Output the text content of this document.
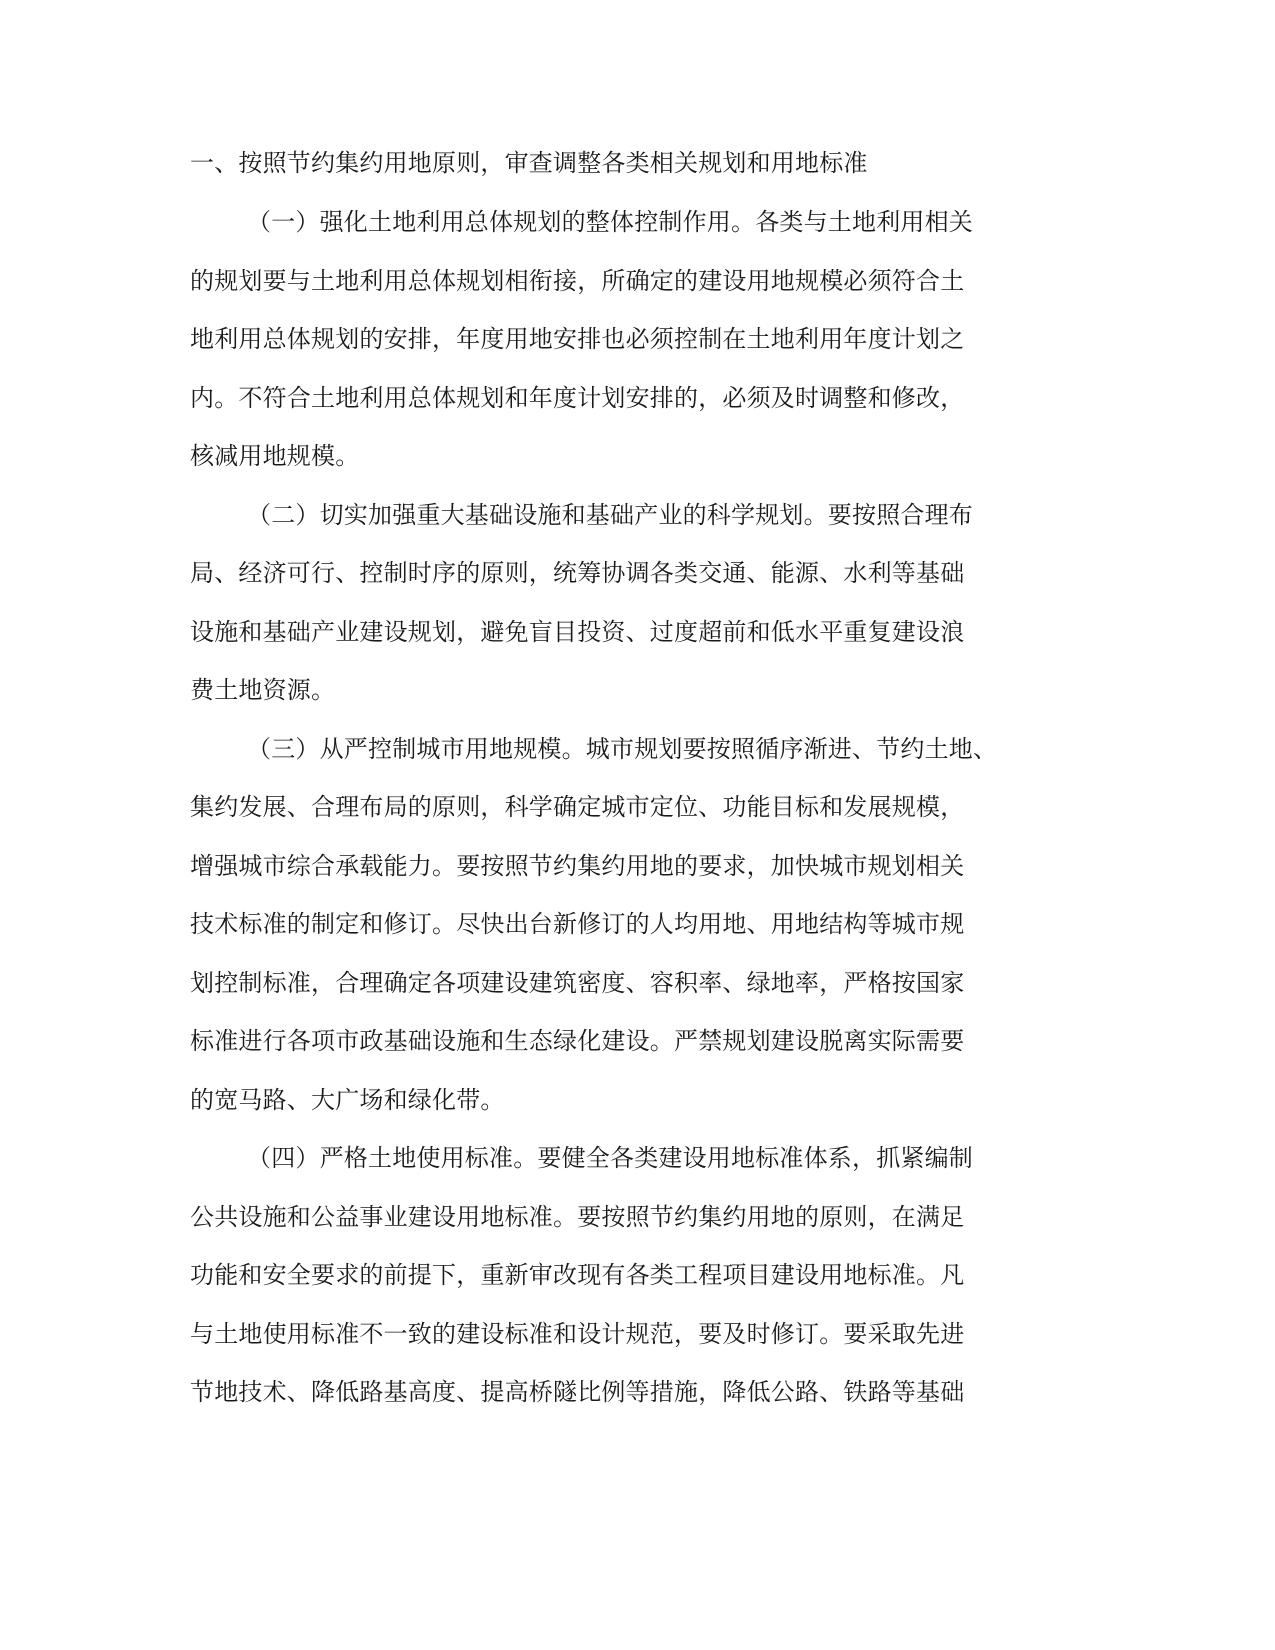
一、按照节约集约用地原则，审查调整各类相关规划和用地标准
（一）强化土地利用总体规划的整体控制作用。各类与土地利用相关
的规划要与土地利用总体规划相衔接，所确定的建设用地规模必须符合土
地利用总体规划的安排，年度用地安排也必须控制在土地利用年度计划之
内。不符合土地利用总体规划和年度计划安排的，必须及时调整和修改，
核减用地规模。
（二）切实加强重大基础设施和基础产业的科学规划。要按照合理布
局、经济可行、控制时序的原则，统筹协调各类交通、能源、水利等基础
设施和基础产业建设规划，避免盲目投资、过度超前和低水平重复建设浪
费土地资源。
（三）从严控制城市用地规模。城市规划要按照循序渐进、节约土地、
集约发展、合理布局的原则，科学确定城市定位、功能目标和发展规模，
增强城市综合承载能力。要按照节约集约用地的要求，加快城市规划相关
技术标准的制定和修订。尽快出台新修订的人均用地、用地结构等城市规
划控制标准，合理确定各项建设建筑密度、容积率、绿地率，严格按国家
标准进行各项市政基础设施和生态绿化建设。严禁规划建设脱离实际需要
的宽马路、大广场和绿化带。
（四）严格土地使用标准。要健全各类建设用地标准体系，抓紧编制
公共设施和公益事业建设用地标准。要按照节约集约用地的原则，在满足
功能和安全要求的前提下，重新审改现有各类工程项目建设用地标准。凡
与土地使用标准不一致的建设标准和设计规范，要及时修订。要采取先进
节地技术、降低路基高度、提高桥隧比例等措施，降低公路、铁路等基础
